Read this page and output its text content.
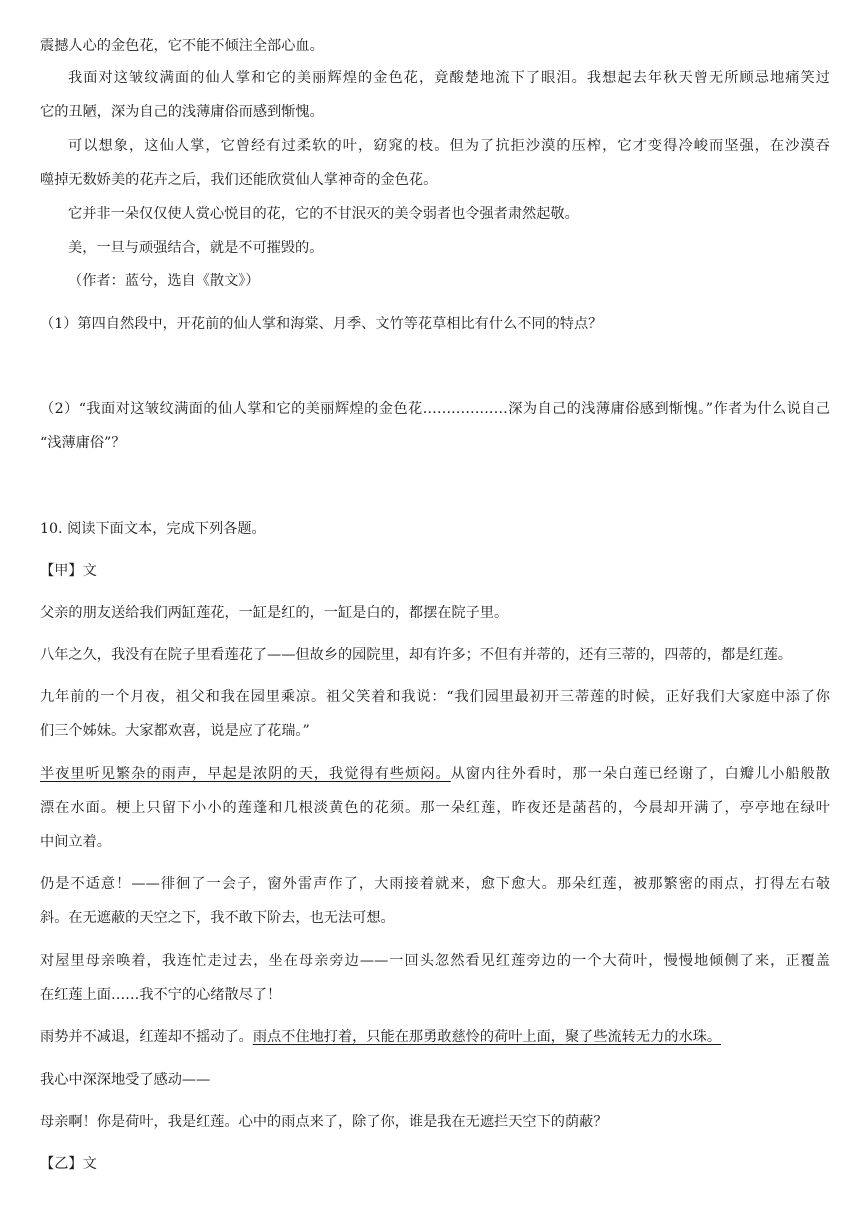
震撼人心的金色花，它不能不倾注全部心血。
我面对这皱纹满面的仙人掌和它的美丽辉煌的金色花，竟酸楚地流下了眼泪。我想起去年秋天曾无所顾忌地痛笑过
它的丑陋，深为自己的浅薄庸俗而感到惭愧。
可以想象，这仙人掌，它曾经有过柔软的叶，窈窕的枝。但为了抗拒沙漠的压榨，它才变得冷峻而坚强，在沙漠吞
噬掉无数娇美的花卉之后，我们还能欣赏仙人掌神奇的金色花。
它并非一朵仅仅使人赏心悦目的花，它的不甘泯灭的美令弱者也令强者肃然起敬。
美，一旦与顽强结合，就是不可摧毁的。
（作者：蓝兮，选自《散文》）
（1）第四自然段中，开花前的仙人掌和海棠、月季、文竹等花草相比有什么不同的特点？
（2）“我面对这皱纹满面的仙人掌和它的美丽辉煌的金色花………………深为自己的浅薄庸俗感到惭愧。”作者为什么说自己
“浅薄庸俗”？
10. 阅读下面文本，完成下列各题。
【甲】文
父亲的朋友送给我们两缸莲花，一缸是红的，一缸是白的，都摆在院子里。
八年之久，我没有在院子里看莲花了——但故乡的园院里，却有许多；不但有并蒂的，还有三蒂的，四蒂的，都是红莲。
九年前的一个月夜，祖父和我在园里乘凉。祖父笑着和我说：“我们园里最初开三蒂莲的时候，正好我们大家庭中添了你
们三个姊妹。大家都欢喜，说是应了花瑞。”
半夜里听见繁杂的雨声，早起是浓阴的天，我觉得有些烦闷。从窗内往外看时，那一朵白莲已经谢了，白瓣儿小船般散
漂在水面。梗上只留下小小的莲蓬和几根淡黄色的花须。那一朵红莲，昨夜还是菡萏的，今晨却开满了，亭亭地在绿叶
中间立着。
仍是不适意！——徘徊了一会子，窗外雷声作了，大雨接着就来，愈下愈大。那朵红莲，被那繁密的雨点，打得左右攲
斜。在无遮蔽的天空之下，我不敢下阶去，也无法可想。
对屋里母亲唤着，我连忙走过去，坐在母亲旁边——一回头忽然看见红莲旁边的一个大荷叶，慢慢地倾侧了来，正覆盖
在红莲上面……我不宁的心绪散尽了！
雨势并不减退，红莲却不摇动了。雨点不住地打着，只能在那勇敢慈怜的荷叶上面，聚了些流转无力的水珠。
我心中深深地受了感动——
母亲啊！你是荷叶，我是红莲。心中的雨点来了，除了你，谁是我在无遮拦天空下的荫蔽？
【乙】文
